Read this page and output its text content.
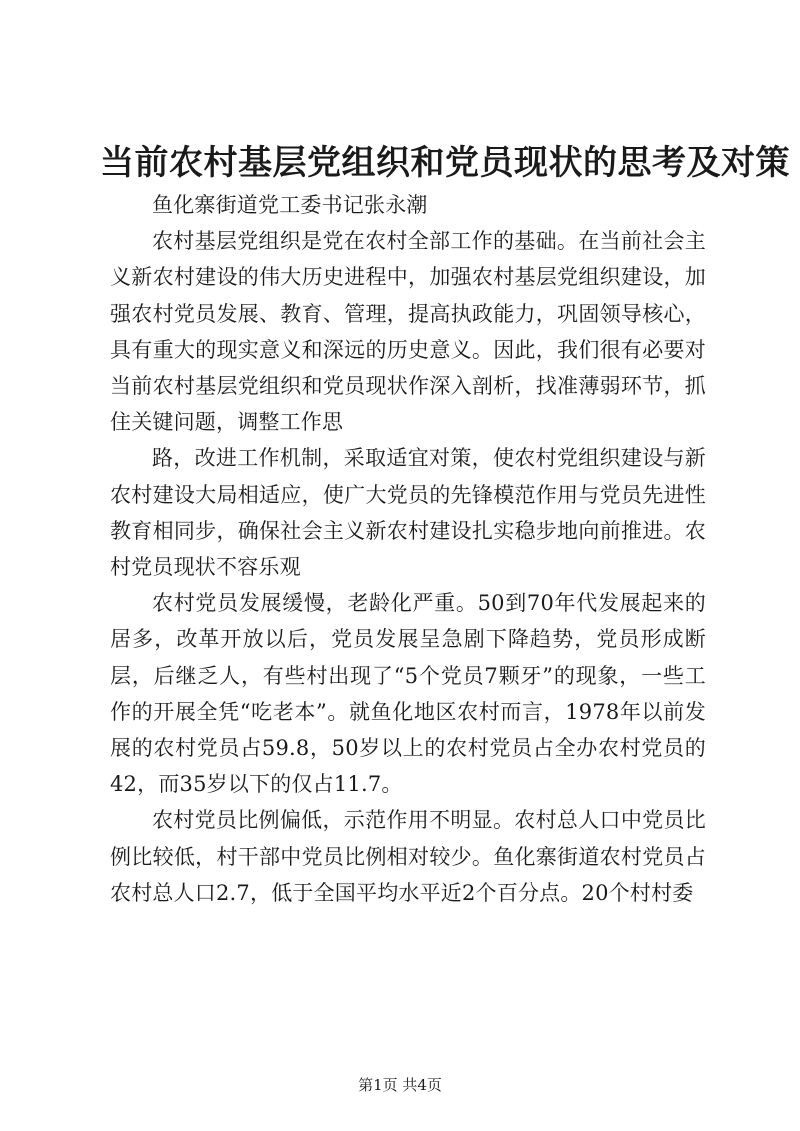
当前农村基层党组织和党员现状的思考及对策

鱼化寨街道党工委书记张永潮

农村基层党组织是党在农村全部工作的基础。在当前社会主义新农村建设的伟大历史进程中，加强农村基层党组织建设，加强农村党员发展、教育、管理，提高执政能力，巩固领导核心，具有重大的现实意义和深远的历史意义。因此，我们很有必要对当前农村基层党组织和党员现状作深入剖析，找准薄弱环节，抓住关键问题，调整工作思

路，改进工作机制，采取适宜对策，使农村党组织建设与新农村建设大局相适应，使广大党员的先锋模范作用与党员先进性教育相同步，确保社会主义新农村建设扎实稳步地向前推进。农村党员现状不容乐观

农村党员发展缓慢，老龄化严重。50到70年代发展起来的居多，改革开放以后，党员发展呈急剧下降趋势，党员形成断层，后继乏人，有些村出现了“5个党员7颗牙”的现象，一些工作的开展全凭“吃老本”。就鱼化地区农村而言，1978年以前发展的农村党员占59.8，50岁以上的农村党员占全办农村党员的42，而35岁以下的仅占11.7。

农村党员比例偏低，示范作用不明显。农村总人口中党员比例比较低，村干部中党员比例相对较少。鱼化寨街道农村党员占农村总人口2.7，低于全国平均水平近2个百分点。20个村村委

第1页 共4页
